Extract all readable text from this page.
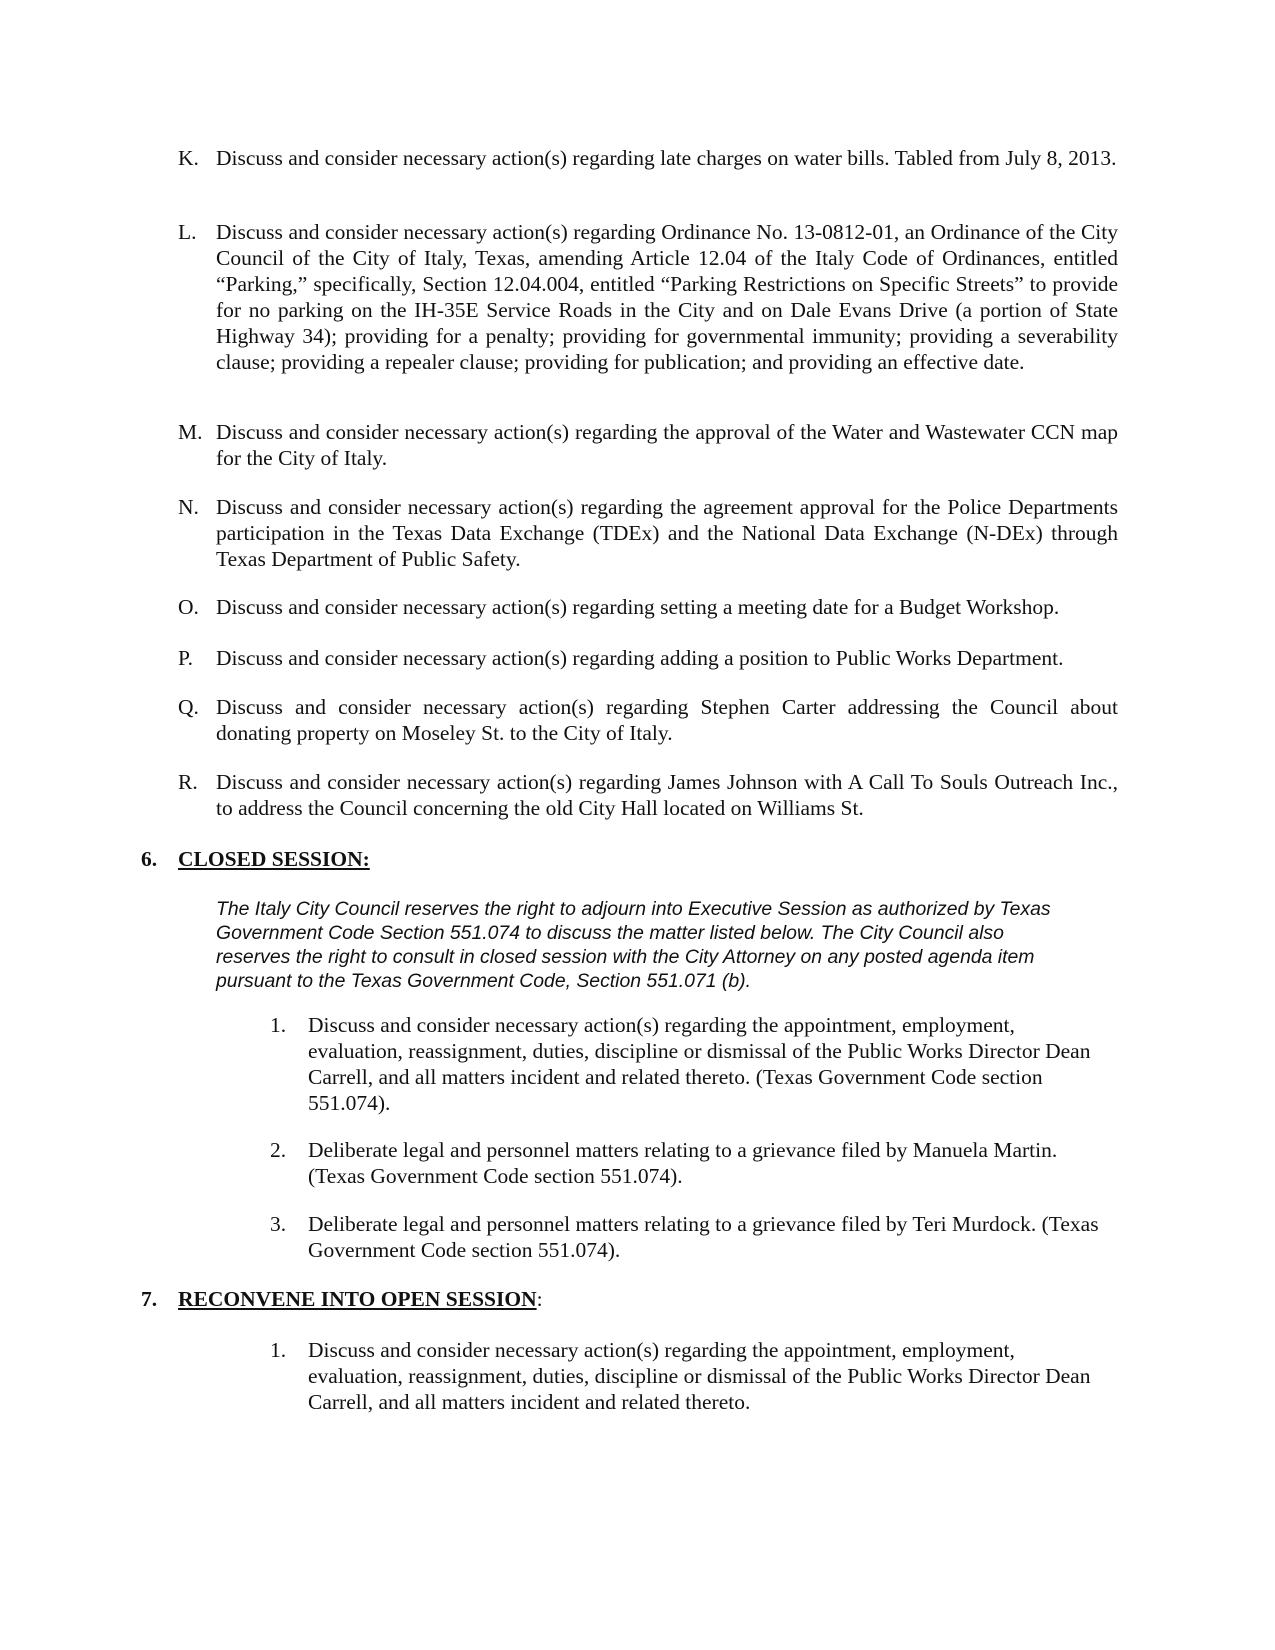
K. Discuss and consider necessary action(s) regarding late charges on water bills. Tabled from July 8, 2013.
L. Discuss and consider necessary action(s) regarding Ordinance No. 13-0812-01, an Ordinance of the City Council of the City of Italy, Texas, amending Article 12.04 of the Italy Code of Ordinances, entitled “Parking,” specifically, Section 12.04.004, entitled “Parking Restrictions on Specific Streets” to provide for no parking on the IH-35E Service Roads in the City and on Dale Evans Drive (a portion of State Highway 34); providing for a penalty; providing for governmental immunity; providing a severability clause; providing a repealer clause; providing for publication; and providing an effective date.
M. Discuss and consider necessary action(s) regarding the approval of the Water and Wastewater CCN map for the City of Italy.
N. Discuss and consider necessary action(s) regarding the agreement approval for the Police Departments participation in the Texas Data Exchange (TDEx) and the National Data Exchange (N-DEx) through Texas Department of Public Safety.
O. Discuss and consider necessary action(s) regarding setting a meeting date for a Budget Workshop.
P. Discuss and consider necessary action(s) regarding adding a position to Public Works Department.
Q. Discuss and consider necessary action(s) regarding Stephen Carter addressing the Council about donating property on Moseley St. to the City of Italy.
R. Discuss and consider necessary action(s) regarding James Johnson with A Call To Souls Outreach Inc., to address the Council concerning the old City Hall located on Williams St.
6. CLOSED SESSION:
The Italy City Council reserves the right to adjourn into Executive Session as authorized by Texas Government Code Section 551.074 to discuss the matter listed below. The City Council also reserves the right to consult in closed session with the City Attorney on any posted agenda item pursuant to the Texas Government Code, Section 551.071 (b).
1. Discuss and consider necessary action(s) regarding the appointment, employment, evaluation, reassignment, duties, discipline or dismissal of the Public Works Director Dean Carrell, and all matters incident and related thereto. (Texas Government Code section 551.074).
2. Deliberate legal and personnel matters relating to a grievance filed by Manuela Martin. (Texas Government Code section 551.074).
3. Deliberate legal and personnel matters relating to a grievance filed by Teri Murdock. (Texas Government Code section 551.074).
7. RECONVENE INTO OPEN SESSION:
1. Discuss and consider necessary action(s) regarding the appointment, employment, evaluation, reassignment, duties, discipline or dismissal of the Public Works Director Dean Carrell, and all matters incident and related thereto.
